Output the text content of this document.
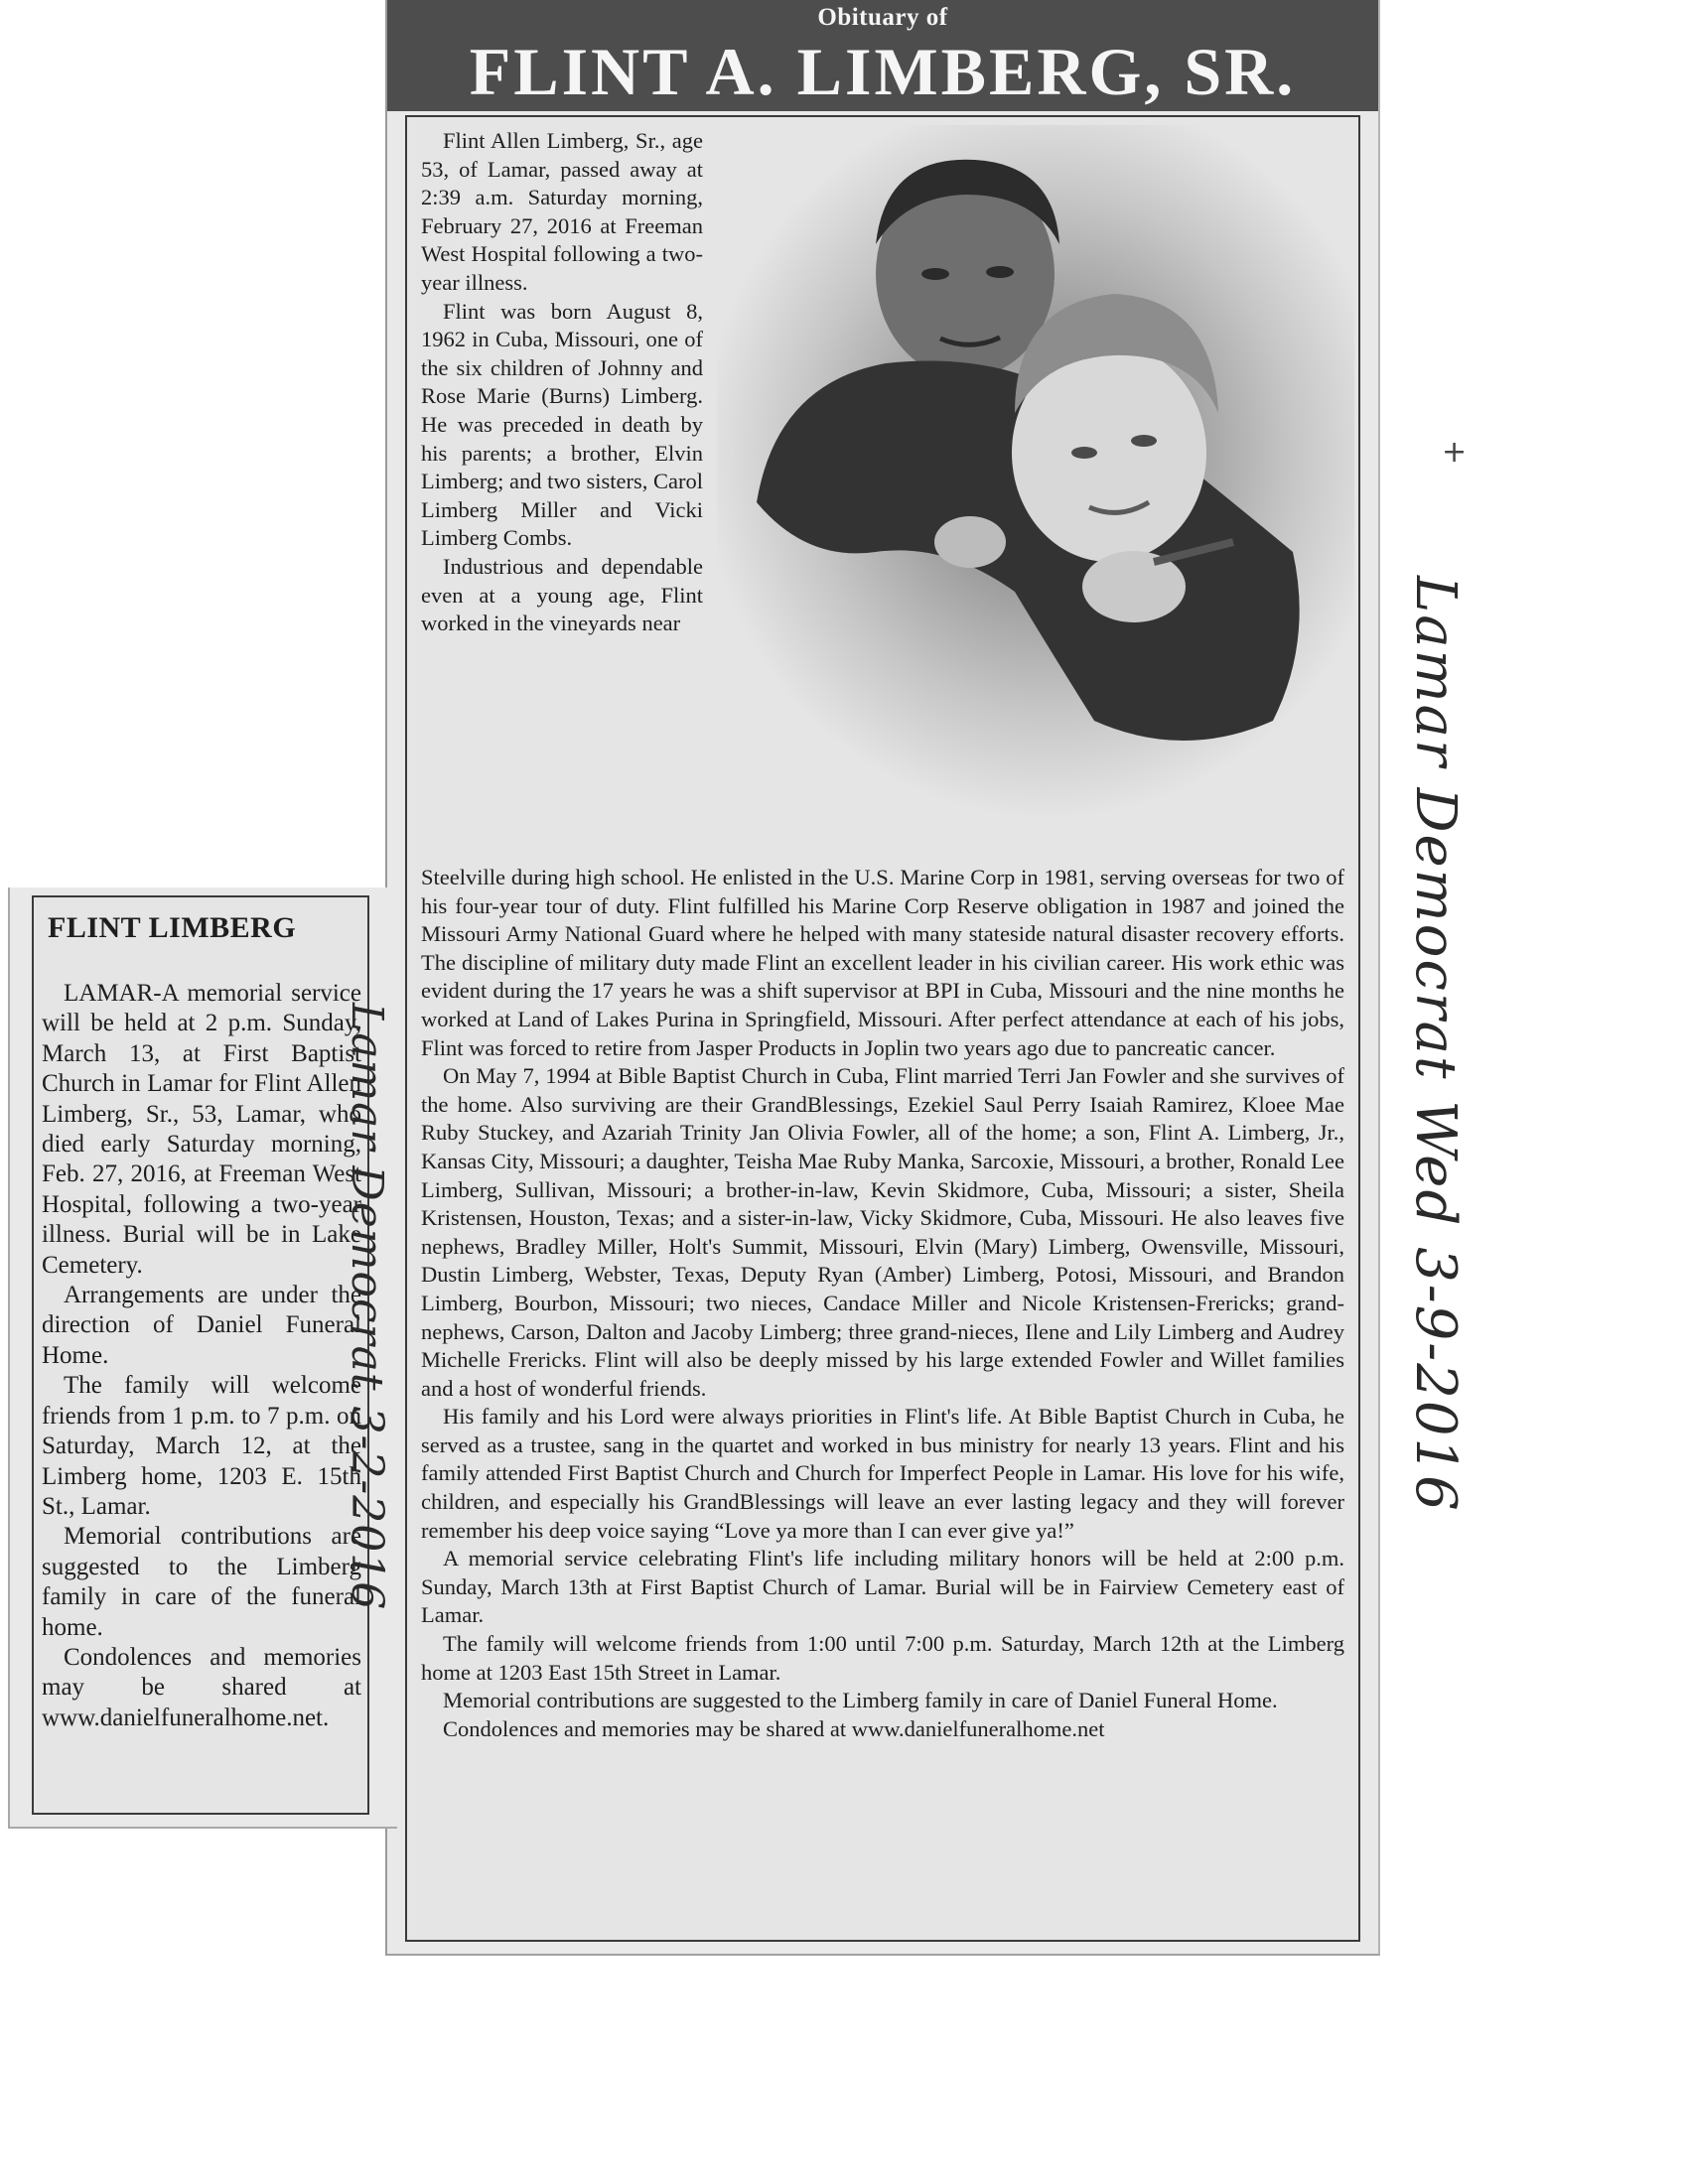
Obituary of
FLINT A. LIMBERG, SR.

Flint Allen Limberg, Sr., age 53, of Lamar, passed away at 2:39 a.m. Saturday morning, February 27, 2016 at Freeman West Hospital following a two-year illness.

Flint was born August 8, 1962 in Cuba, Missouri, one of the six children of Johnny and Rose Marie (Burns) Limberg. He was preceded in death by his parents; a brother, Elvin Limberg; and two sisters, Carol Limberg Miller and Vicki Limberg Combs.

Industrious and dependable even at a young age, Flint worked in the vineyards near

Steelville during high school. He enlisted in the U.S. Marine Corp in 1981, serving overseas for two of his four-year tour of duty. Flint fulfilled his Marine Corp Reserve obligation in 1987 and joined the Missouri Army National Guard where he helped with many stateside natural disaster recovery efforts. The discipline of military duty made Flint an excellent leader in his civilian career. His work ethic was evident during the 17 years he was a shift supervisor at BPI in Cuba, Missouri and the nine months he worked at Land of Lakes Purina in Springfield, Missouri. After perfect attendance at each of his jobs, Flint was forced to retire from Jasper Products in Joplin two years ago due to pancreatic cancer.

On May 7, 1994 at Bible Baptist Church in Cuba, Flint married Terri Jan Fowler and she survives of the home. Also surviving are their GrandBlessings, Ezekiel Saul Perry Isaiah Ramirez, Kloee Mae Ruby Stuckey, and Azariah Trinity Jan Olivia Fowler, all of the home; a son, Flint A. Limberg, Jr., Kansas City, Missouri; a daughter, Teisha Mae Ruby Manka, Sarcoxie, Missouri, a brother, Ronald Lee Limberg, Sullivan, Missouri; a brother-in-law, Kevin Skidmore, Cuba, Missouri; a sister, Sheila Kristensen, Houston, Texas; and a sister-in-law, Vicky Skidmore, Cuba, Missouri. He also leaves five nephews, Bradley Miller, Holt's Summit, Missouri, Elvin (Mary) Limberg, Owensville, Missouri, Dustin Limberg, Webster, Texas, Deputy Ryan (Amber) Limberg, Potosi, Missouri, and Brandon Limberg, Bourbon, Missouri; two nieces, Candace Miller and Nicole Kristensen-Frericks; grand-nephews, Carson, Dalton and Jacoby Limberg; three grand-nieces, Ilene and Lily Limberg and Audrey Michelle Frericks. Flint will also be deeply missed by his large extended Fowler and Willet families and a host of wonderful friends.

His family and his Lord were always priorities in Flint's life. At Bible Baptist Church in Cuba, he served as a trustee, sang in the quartet and worked in bus ministry for nearly 13 years. Flint and his family attended First Baptist Church and Church for Imperfect People in Lamar. His love for his wife, children, and especially his GrandBlessings will leave an ever lasting legacy and they will forever remember his deep voice saying “Love ya more than I can ever give ya!”

A memorial service celebrating Flint's life including military honors will be held at 2:00 p.m. Sunday, March 13th at First Baptist Church of Lamar. Burial will be in Fairview Cemetery east of Lamar.

The family will welcome friends from 1:00 until 7:00 p.m. Saturday, March 12th at the Limberg home at 1203 East 15th Street in Lamar.

Memorial contributions are suggested to the Limberg family in care of Daniel Funeral Home.

Condolences and memories may be shared at www.danielfuneralhome.net

FLINT LIMBERG

LAMAR-A memorial service will be held at 2 p.m. Sunday, March 13, at First Baptist Church in Lamar for Flint Allen Limberg, Sr., 53, Lamar, who died early Saturday morning, Feb. 27, 2016, at Freeman West Hospital, following a two-year illness. Burial will be in Lake Cemetery.

Arrangements are under the direction of Daniel Funeral Home.

The family will welcome friends from 1 p.m. to 7 p.m. on Saturday, March 12, at the Limberg home, 1203 E. 15th St., Lamar.

Memorial contributions are suggested to the Limberg family in care of the funeral home.

Condolences and memories may be shared at www.danielfuneralhome.net.

+
Lamar Democrat Wed 3-9-2016
Lamar Democrat 3-2-2016
